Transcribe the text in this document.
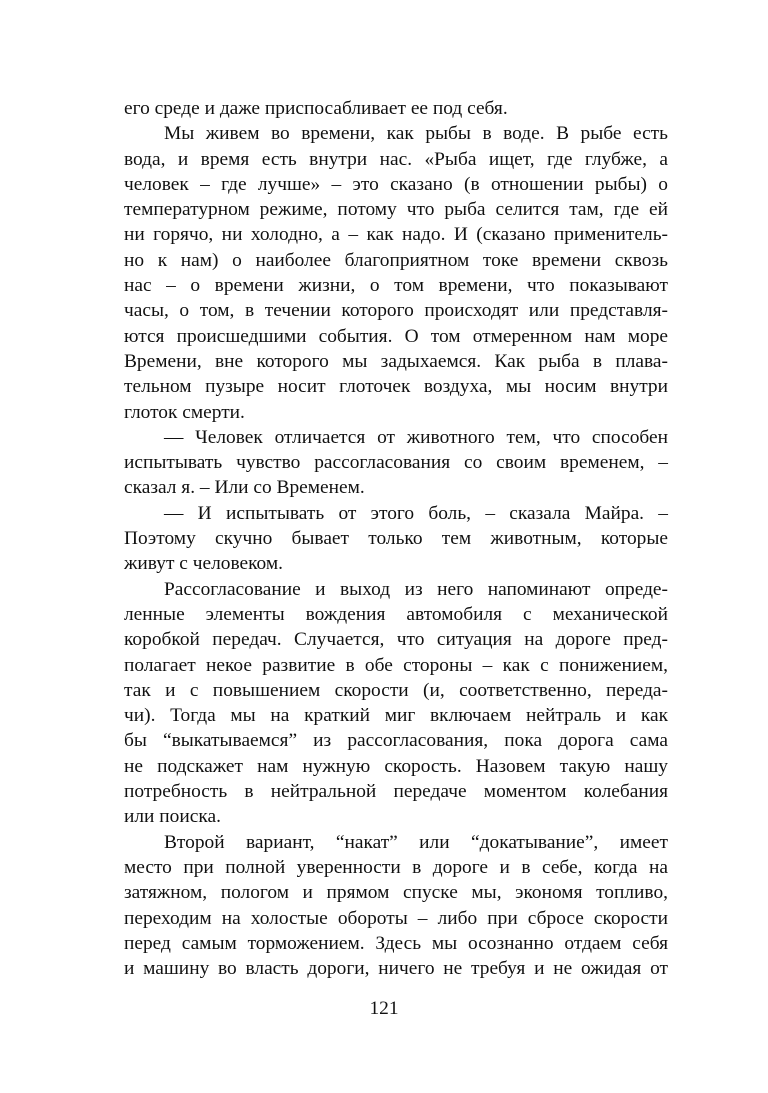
его среде и даже приспосабливает ее под себя.
Мы живем во времени, как рыбы в воде. В рыбе есть
вода, и время есть внутри нас. «Рыба ищет, где глубже, а
человек – где лучше» – это сказано (в отношении рыбы) о
температурном режиме, потому что рыба селится там, где ей
ни горячо, ни холодно, а – как надо. И (сказано применитель-
но к нам) о наиболее благоприятном токе времени сквозь
нас – о времени жизни, о том времени, что показывают
часы, о том, в течении которого происходят или представля-
ются происшедшими события. О том отмеренном нам море
Времени, вне которого мы задыхаемся. Как рыба в плава-
тельном пузыре носит глоточек воздуха, мы носим внутри
глоток смерти.
— Человек отличается от животного тем, что способен
испытывать чувство рассогласования со своим временем, –
сказал я. – Или со Временем.
— И испытывать от этого боль, – сказала Майра. –
Поэтому скучно бывает только тем животным, которые
живут с человеком.
Рассогласование и выход из него напоминают опреде-
ленные элементы вождения автомобиля с механической
коробкой передач. Случается, что ситуация на дороге пред-
полагает некое развитие в обе стороны – как с понижением,
так и с повышением скорости (и, соответственно, переда-
чи). Тогда мы на краткий миг включаем нейтраль и как
бы “выкатываемся” из рассогласования, пока дорога сама
не подскажет нам нужную скорость. Назовем такую нашу
потребность в нейтральной передаче моментом колебания
или поиска.
Второй вариант, “накат” или “докатывание”, имеет
место при полной уверенности в дороге и в себе, когда на
затяжном, пологом и прямом спуске мы, экономя топливо,
переходим на холостые обороты – либо при сбросе скорости
перед самым торможением. Здесь мы осознанно отдаем себя
и машину во власть дороги, ничего не требуя и не ожидая от
121
